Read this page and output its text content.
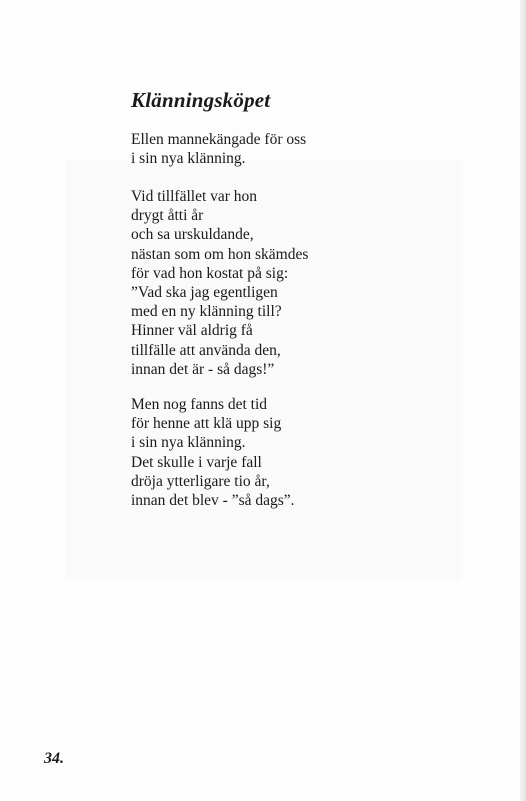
Klänningsköpet
Ellen mannekängade för oss
i sin nya klänning.
Vid tillfället var hon
drygt åtti år
och sa urskuldande,
nästan som om hon skämdes
för vad hon kostat på sig:
”Vad ska jag egentligen
med en ny klänning till?
Hinner väl aldrig få
tillfälle att använda den,
innan det är - så dags!”
Men nog fanns det tid
för henne att klä upp sig
i sin nya klänning.
Det skulle i varje fall
dröja ytterligare tio år,
innan det blev - ”så dags”.
34.
